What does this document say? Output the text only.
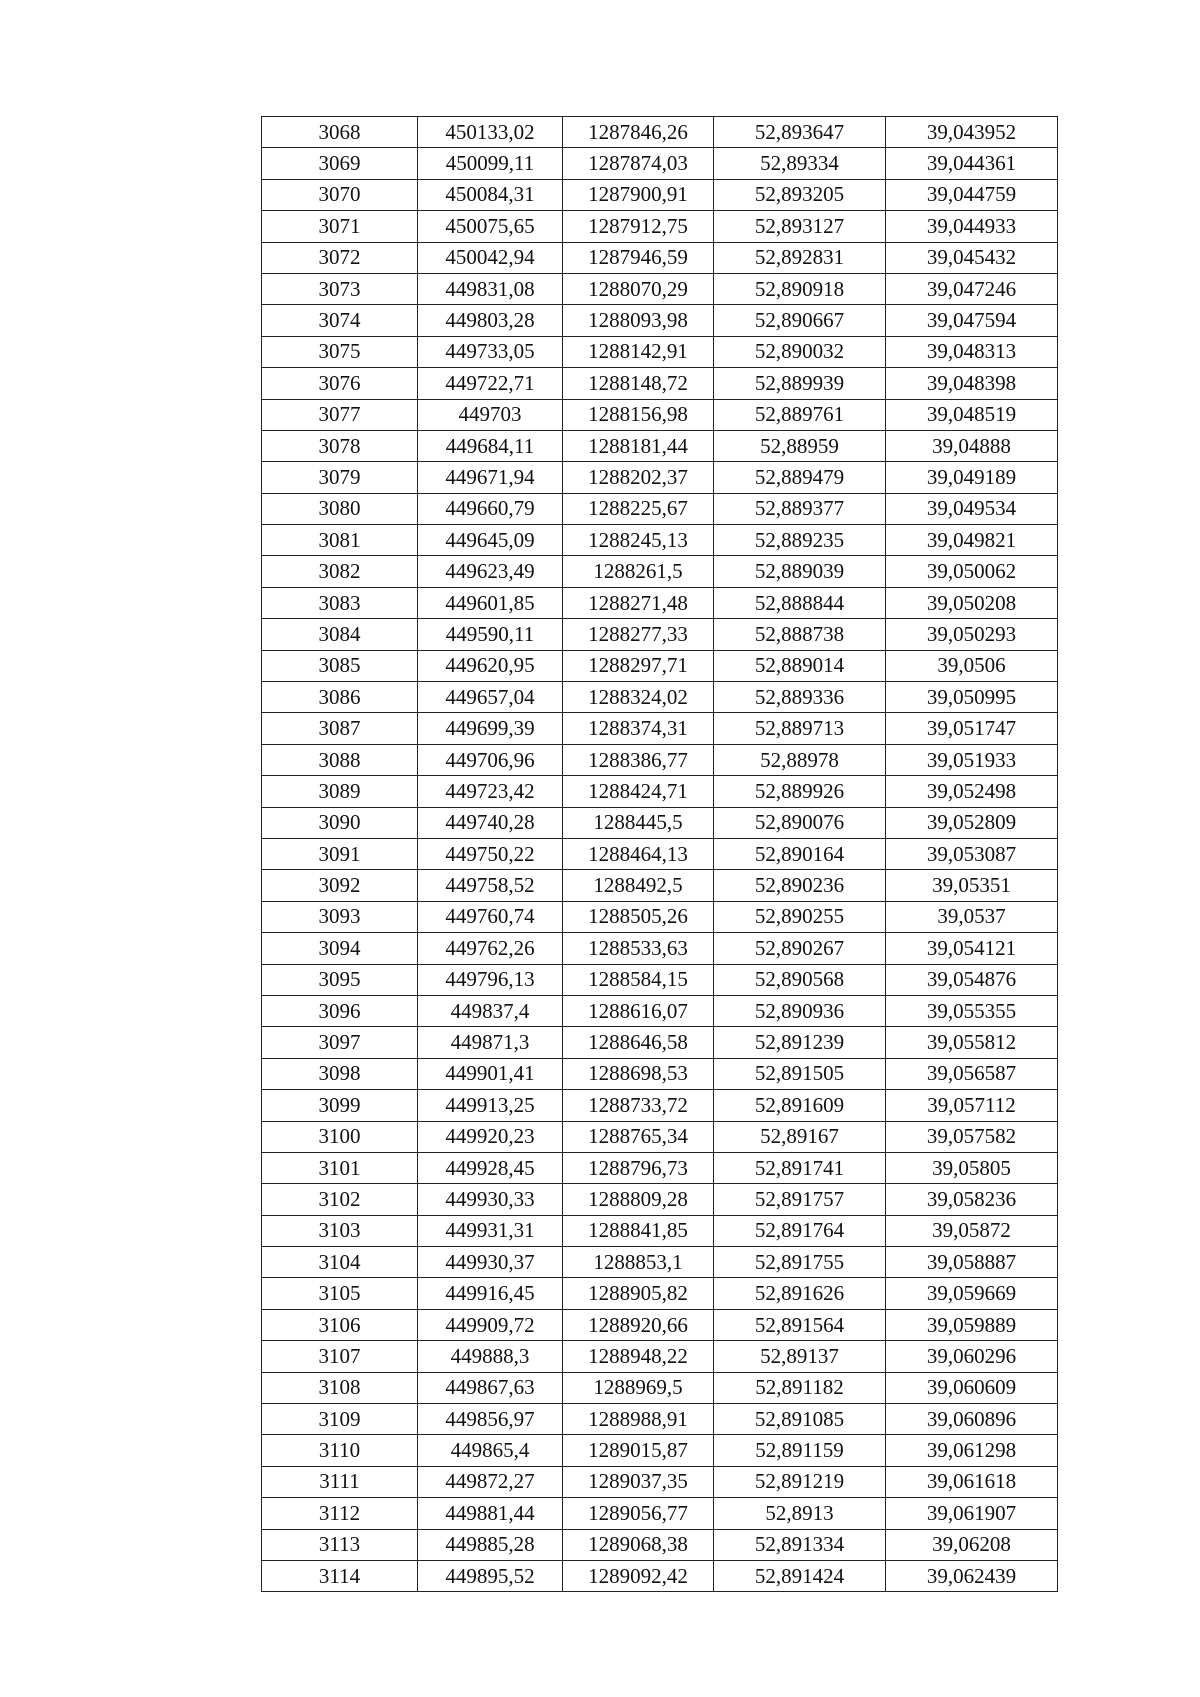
3068	450133,02	1287846,26	52,893647	39,043952
3069	450099,11	1287874,03	52,89334	39,044361
3070	450084,31	1287900,91	52,893205	39,044759
3071	450075,65	1287912,75	52,893127	39,044933
3072	450042,94	1287946,59	52,892831	39,045432
3073	449831,08	1288070,29	52,890918	39,047246
3074	449803,28	1288093,98	52,890667	39,047594
3075	449733,05	1288142,91	52,890032	39,048313
3076	449722,71	1288148,72	52,889939	39,048398
3077	449703	1288156,98	52,889761	39,048519
3078	449684,11	1288181,44	52,88959	39,04888
3079	449671,94	1288202,37	52,889479	39,049189
3080	449660,79	1288225,67	52,889377	39,049534
3081	449645,09	1288245,13	52,889235	39,049821
3082	449623,49	1288261,5	52,889039	39,050062
3083	449601,85	1288271,48	52,888844	39,050208
3084	449590,11	1288277,33	52,888738	39,050293
3085	449620,95	1288297,71	52,889014	39,0506
3086	449657,04	1288324,02	52,889336	39,050995
3087	449699,39	1288374,31	52,889713	39,051747
3088	449706,96	1288386,77	52,88978	39,051933
3089	449723,42	1288424,71	52,889926	39,052498
3090	449740,28	1288445,5	52,890076	39,052809
3091	449750,22	1288464,13	52,890164	39,053087
3092	449758,52	1288492,5	52,890236	39,05351
3093	449760,74	1288505,26	52,890255	39,0537
3094	449762,26	1288533,63	52,890267	39,054121
3095	449796,13	1288584,15	52,890568	39,054876
3096	449837,4	1288616,07	52,890936	39,055355
3097	449871,3	1288646,58	52,891239	39,055812
3098	449901,41	1288698,53	52,891505	39,056587
3099	449913,25	1288733,72	52,891609	39,057112
3100	449920,23	1288765,34	52,89167	39,057582
3101	449928,45	1288796,73	52,891741	39,05805
3102	449930,33	1288809,28	52,891757	39,058236
3103	449931,31	1288841,85	52,891764	39,05872
3104	449930,37	1288853,1	52,891755	39,058887
3105	449916,45	1288905,82	52,891626	39,059669
3106	449909,72	1288920,66	52,891564	39,059889
3107	449888,3	1288948,22	52,89137	39,060296
3108	449867,63	1288969,5	52,891182	39,060609
3109	449856,97	1288988,91	52,891085	39,060896
3110	449865,4	1289015,87	52,891159	39,061298
3111	449872,27	1289037,35	52,891219	39,061618
3112	449881,44	1289056,77	52,8913	39,061907
3113	449885,28	1289068,38	52,891334	39,06208
3114	449895,52	1289092,42	52,891424	39,062439
